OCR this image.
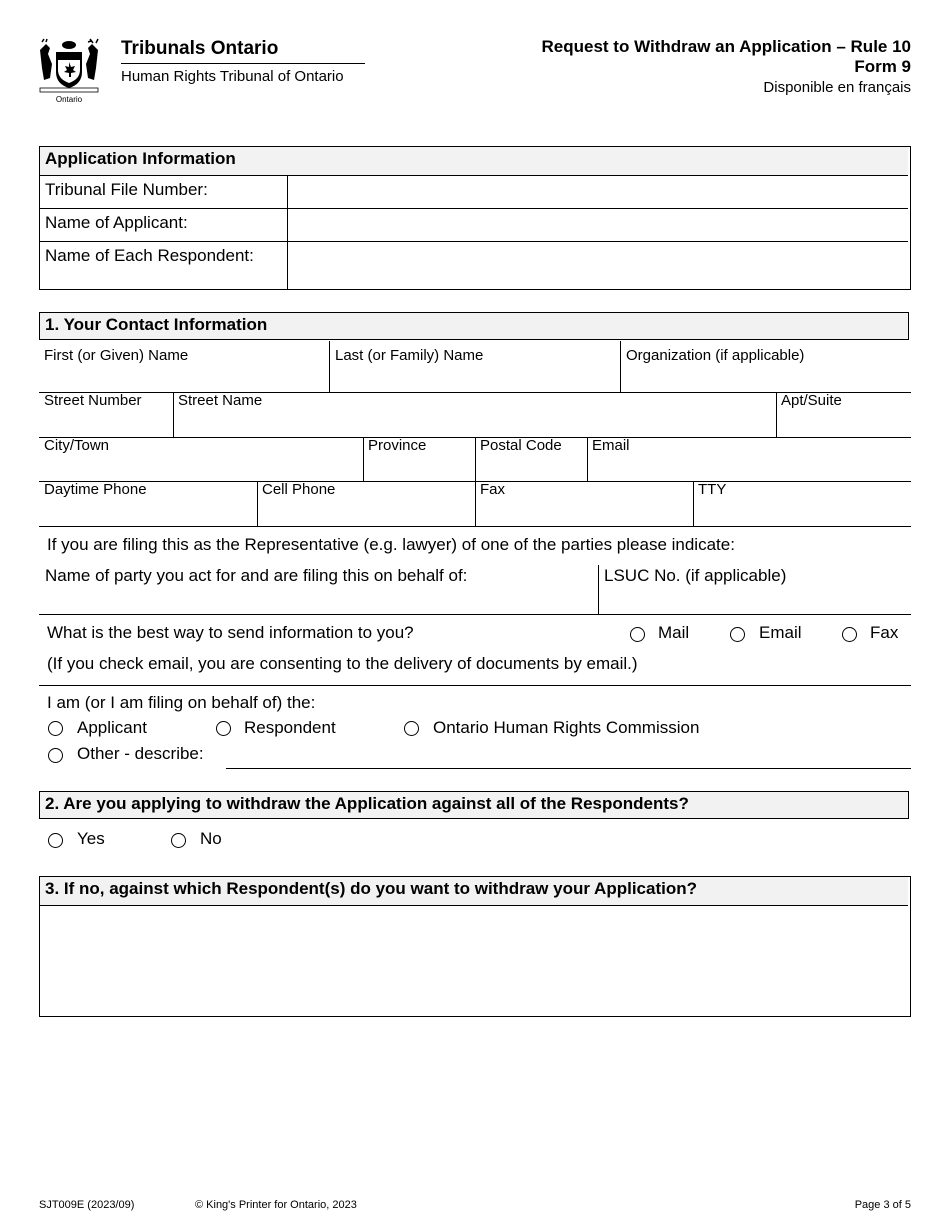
Ontario
Tribunals Ontario
Human Rights Tribunal of Ontario
Request to Withdraw an Application – Rule 10
Form 9
Disponible en français
Application Information
Tribunal File Number:
Name of Applicant:
Name of Each Respondent:
1. Your Contact Information
First (or Given) Name	Last (or Family) Name	Organization (if applicable)
Street Number	Street Name	Apt/Suite
City/Town	Province	Postal Code	Email
Daytime Phone	Cell Phone	Fax	TTY
If you are filing this as the Representative (e.g. lawyer) of one of the parties please indicate:
Name of party you act for and are filing this on behalf of:	LSUC No. (if applicable)
What is the best way to send information to you?	Mail	Email	Fax
(If you check email, you are consenting to the delivery of documents by email.)
I am (or I am filing on behalf of) the:
Applicant	Respondent	Ontario Human Rights Commission
Other - describe:
2. Are you applying to withdraw the Application against all of the Respondents?
Yes	No
3. If no, against which Respondent(s) do you want to withdraw your Application?
SJT009E (2023/09)	© King's Printer for Ontario, 2023	Page 3 of 5
